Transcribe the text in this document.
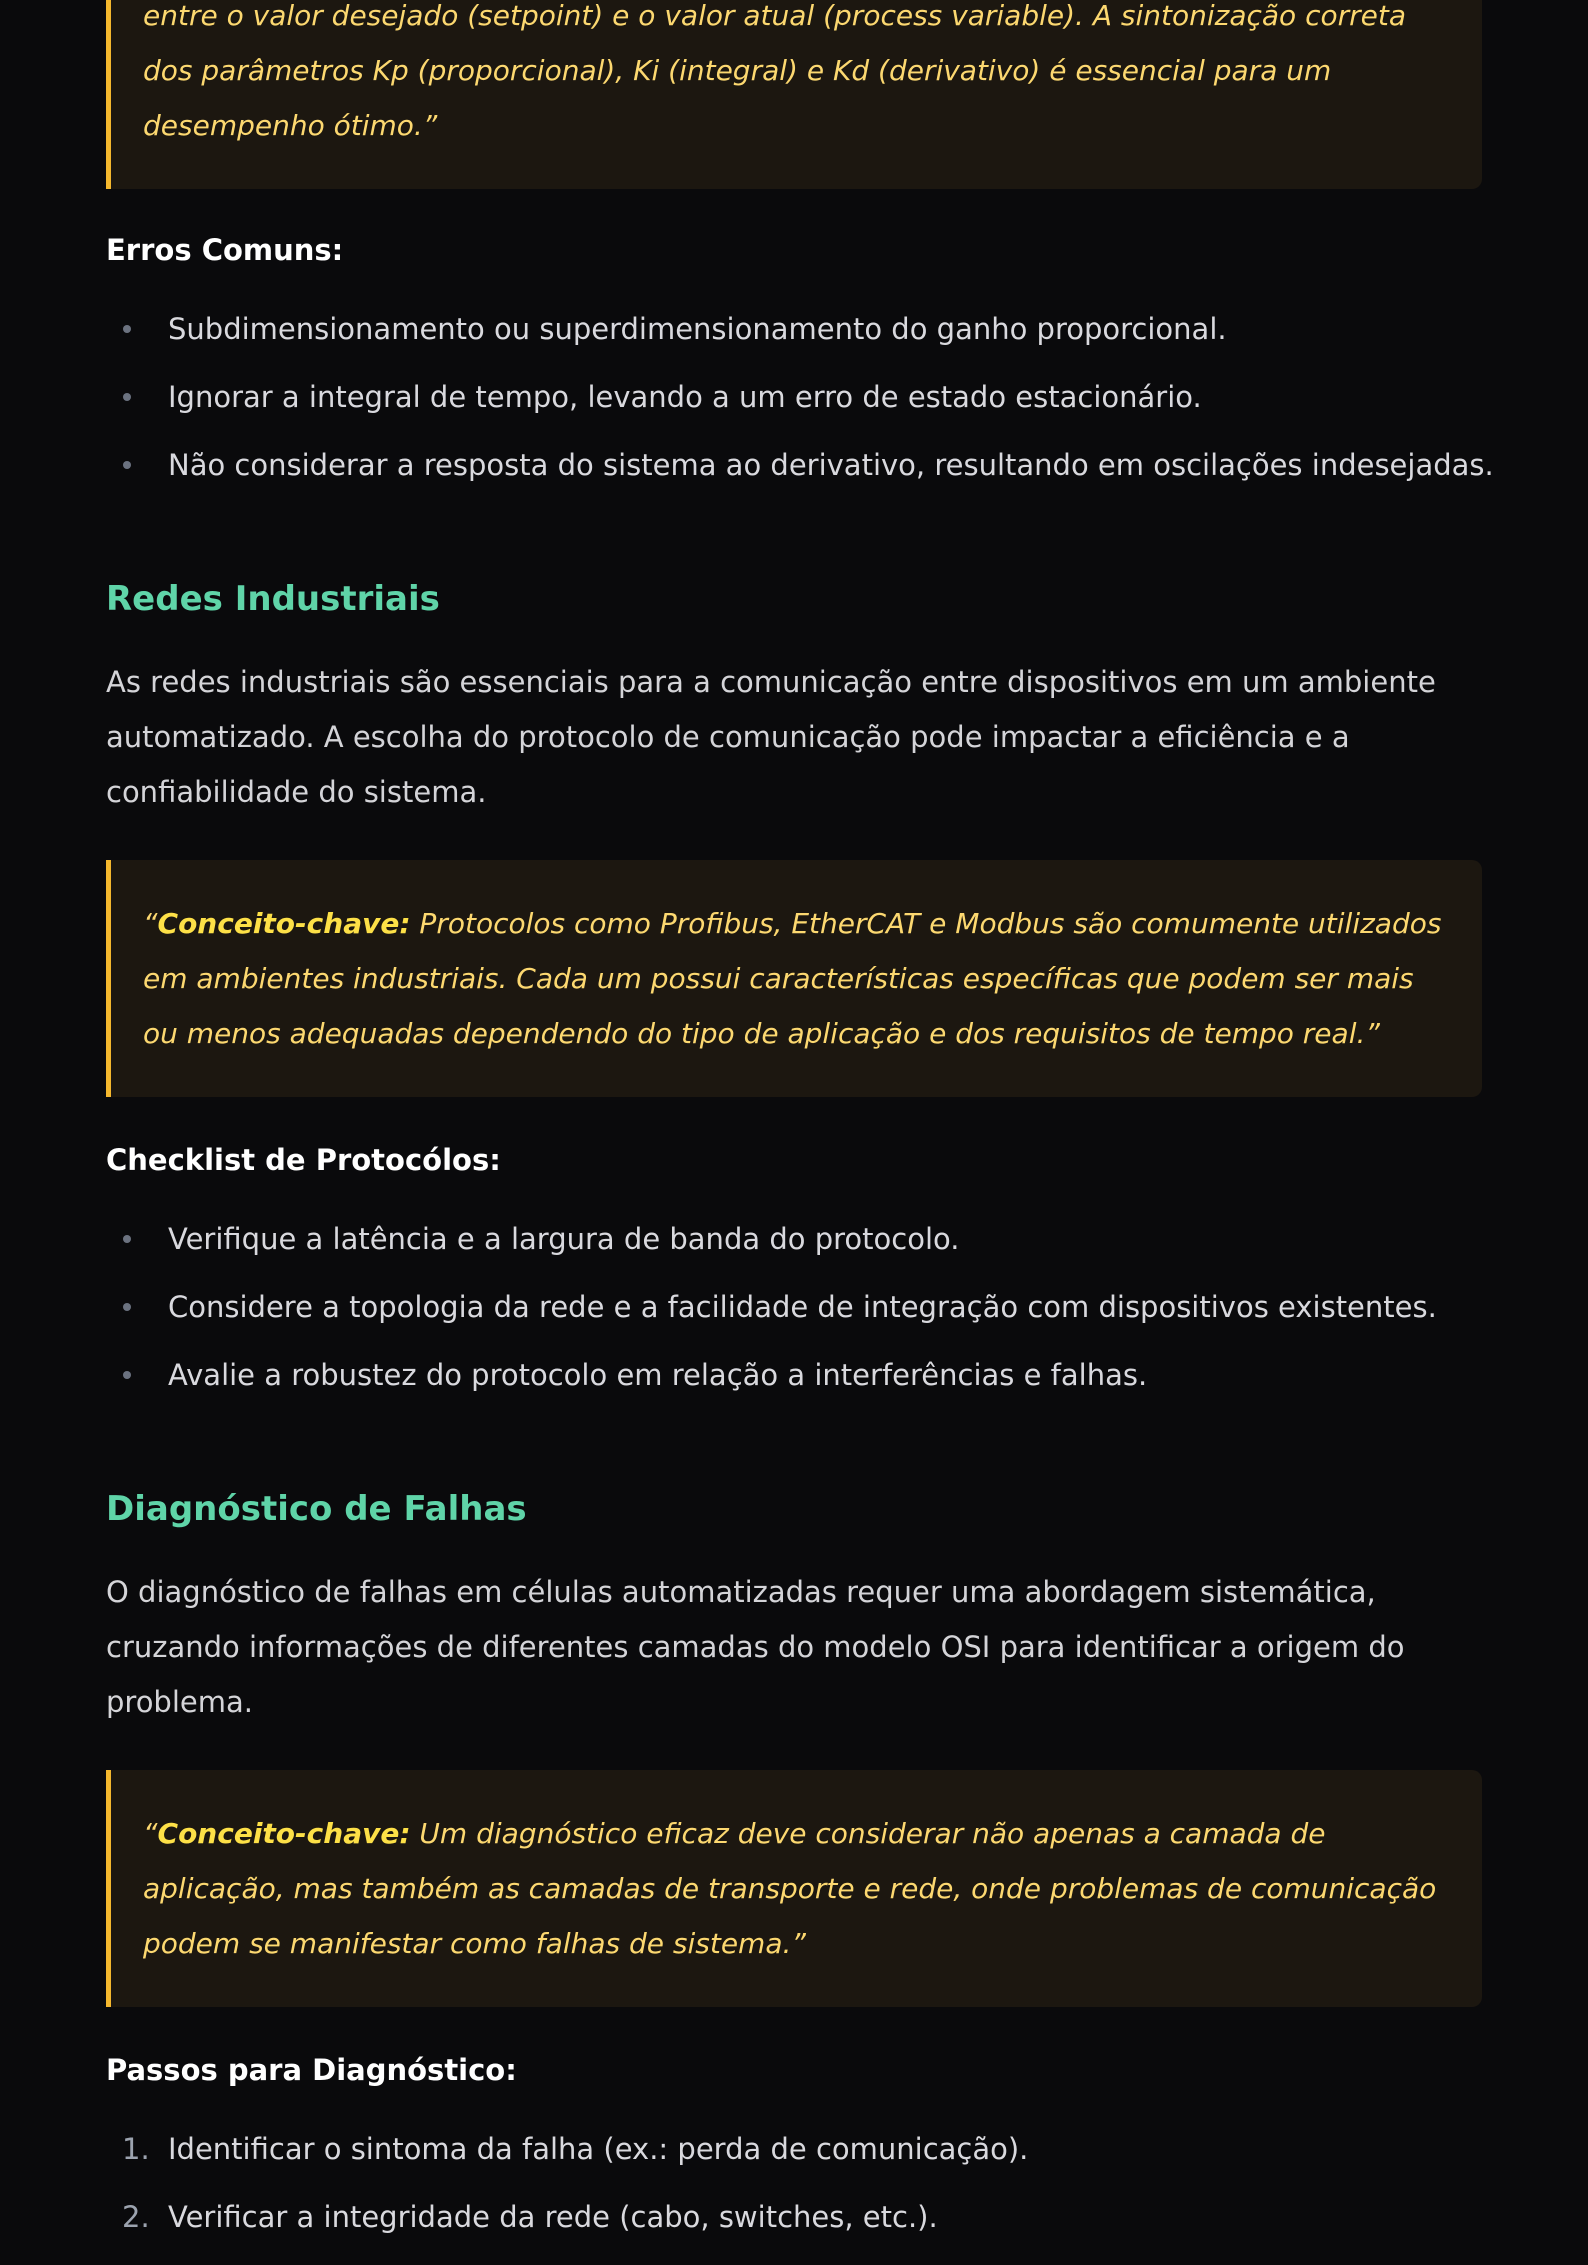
entre o valor desejado (setpoint) e o valor atual (process variable). A sintonização correta dos parâmetros Kp (proporcional), Ki (integral) e Kd (derivativo) é essencial para um desempenho ótimo.”
Erros Comuns:
Subdimensionamento ou superdimensionamento do ganho proporcional.
Ignorar a integral de tempo, levando a um erro de estado estacionário.
Não considerar a resposta do sistema ao derivativo, resultando em oscilações indesejadas.
Redes Industriais

As redes industriais são essenciais para a comunicação entre dispositivos em um ambiente automatizado. A escolha do protocolo de comunicação pode impactar a eficiência e a confiabilidade do sistema.

“Conceito-chave: Protocolos como Profibus, EtherCAT e Modbus são comumente utilizados em ambientes industriais. Cada um possui características específicas que podem ser mais ou menos adequadas dependendo do tipo de aplicação e dos requisitos de tempo real.”
Checklist de Protocólos:
Verifique a latência e a largura de banda do protocolo.
Considere a topologia da rede e a facilidade de integração com dispositivos existentes.
Avalie a robustez do protocolo em relação a interferências e falhas.
Diagnóstico de Falhas

O diagnóstico de falhas em células automatizadas requer uma abordagem sistemática, cruzando informações de diferentes camadas do modelo OSI para identificar a origem do problema.

“Conceito-chave: Um diagnóstico eficaz deve considerar não apenas a camada de aplicação, mas também as camadas de transporte e rede, onde problemas de comunicação podem se manifestar como falhas de sistema.”
Passos para Diagnóstico:
1. Identificar o sintoma da falha (ex.: perda de comunicação).
2. Verificar a integridade da rede (cabo, switches, etc.).
